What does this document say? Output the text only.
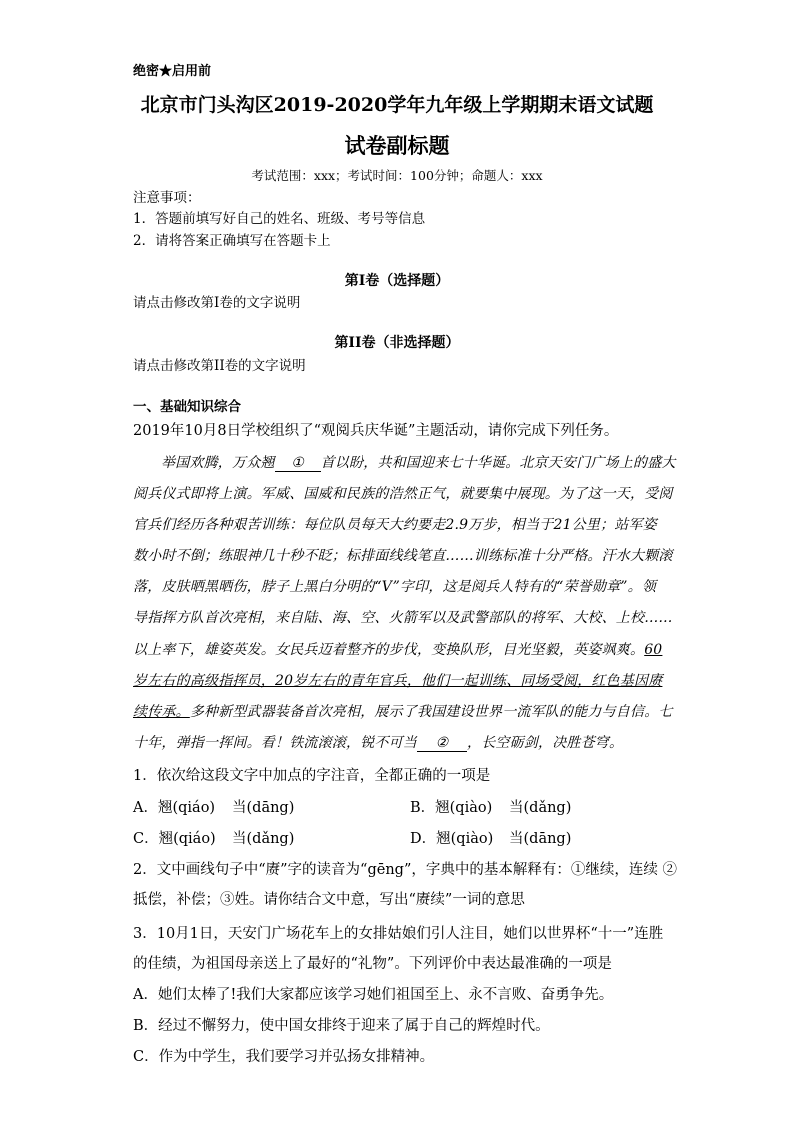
绝密★启用前
北京市门头沟区2019-2020学年九年级上学期期末语文试题
试卷副标题
考试范围：xxx；考试时间：100分钟；命题人：xxx
注意事项：
1．答题前填写好自己的姓名、班级、考号等信息
2．请将答案正确填写在答题卡上
第I卷（选择题）
请点击修改第I卷的文字说明
第II卷（非选择题）
请点击修改第II卷的文字说明
一、基础知识综合
2019年10月8日学校组织了“观阅兵庆华诞”主题活动，请你完成下列任务。
举国欢腾，万众翘 ① 首以盼，共和国迎来七十华诞。北京天安门广场上的盛大
阅兵仪式即将上演。军威、国威和民族的浩然正气，就要集中展现。为了这一天，受阅
官兵们经历各种艰苦训练：每位队员每天大约要走2.9万步，相当于21公里；站军姿
数小时不倒；练眼神几十秒不眨；标排面线线笔直……训练标准十分严格。汗水大颗滚
落，皮肤晒黑晒伤，脖子上黑白分明的“V”字印，这是阅兵人特有的“荣誉勋章”。领
导指挥方队首次亮相，来自陆、海、空、火箭军以及武警部队的将军、大校、上校……
以上率下，雄姿英发。女民兵迈着整齐的步伐，变换队形，目光坚毅，英姿飒爽。60
岁左右的高级指挥员，20岁左右的青年官兵，他们一起训练、同场受阅，红色基因赓
续传承。多种新型武器装备首次亮相，展示了我国建设世界一流军队的能力与自信。七
十年，弹指一挥间。看！铁流滚滚，锐不可当 ② ，长空砺剑，决胜苍穹。
1．依次给这段文字中加点的字注音，全都正确的一项是
A．翘(qiáo) 当(dāng)	B．翘(qiào) 当(dǎng)
C．翘(qiáo) 当(dǎng)	D．翘(qiào) 当(dāng)
2．文中画线句子中“赓”字的读音为“gēng”，字典中的基本解释有：①继续，连续 ②
抵偿，补偿；③姓。请你结合文中意，写出“赓续”一词的意思
3．10月1日，天安门广场花车上的女排姑娘们引人注目，她们以世界杯“十一”连胜
的佳绩，为祖国母亲送上了最好的“礼物”。下列评价中表达最准确的一项是
A．她们太棒了!我们大家都应该学习她们祖国至上、永不言败、奋勇争先。
B．经过不懈努力，使中国女排终于迎来了属于自己的辉煌时代。
C．作为中学生，我们要学习并弘扬女排精神。
